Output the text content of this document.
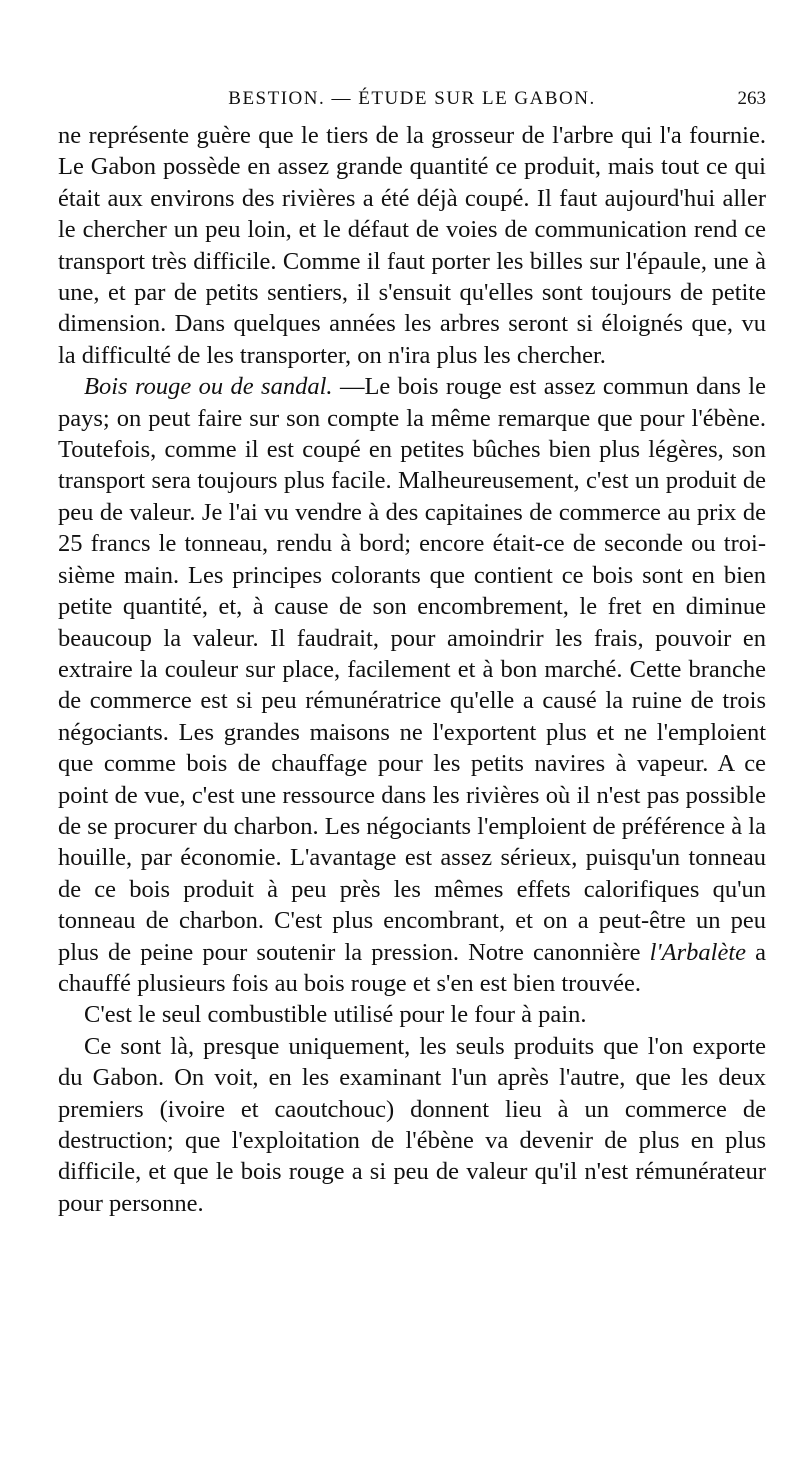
BESTION. — ÉTUDE SUR LE GABON.	263

ne représente guère que le tiers de la grosseur de l'arbre qui l'a fournie. Le Gabon possède en assez grande quantité ce produit, mais tout ce qui était aux environs des rivières a été déjà coupé. Il faut aujourd'hui aller le chercher un peu loin, et le défaut de voies de communication rend ce transport très difficile. Comme il faut porter les billes sur l'épaule, une à une, et par de petits sentiers, il s'ensuit qu'elles sont toujours de petite dimension. Dans quelques années les arbres seront si éloignés que, vu la difficulté de les transporter, on n'ira plus les chercher.

Bois rouge ou de sandal. —Le bois rouge est assez commun dans le pays; on peut faire sur son compte la même remarque que pour l'ébène. Toutefois, comme il est coupé en petites bûches bien plus légères, son transport sera toujours plus facile. Malheureusement, c'est un produit de peu de valeur. Je l'ai vu vendre à des capitaines de commerce au prix de 25 francs le tonneau, rendu à bord; encore était-ce de seconde ou troisième main. Les principes colorants que contient ce bois sont en bien petite quantité, et, à cause de son encombrement, le fret en diminue beaucoup la valeur. Il faudrait, pour amoindrir les frais, pouvoir en extraire la couleur sur place, facilement et à bon marché. Cette branche de commerce est si peu rémunératrice qu'elle a causé la ruine de trois négociants. Les grandes maisons ne l'exportent plus et ne l'emploient que comme bois de chauffage pour les petits navires à vapeur. A ce point de vue, c'est une ressource dans les rivières où il n'est pas possible de se procurer du charbon. Les négociants l'emploient de préférence à la houille, par économie. L'avantage est assez sérieux, puisqu'un tonneau de ce bois produit à peu près les mêmes effets calorifiques qu'un tonneau de charbon. C'est plus encombrant, et on a peut-être un peu plus de peine pour soutenir la pression. Notre canonnière l'Arbalète a chauffé plusieurs fois au bois rouge et s'en est bien trouvée.

C'est le seul combustible utilisé pour le four à pain.

Ce sont là, presque uniquement, les seuls produits que l'on exporte du Gabon. On voit, en les examinant l'un après l'autre, que les deux premiers (ivoire et caoutchouc) donnent lieu à un commerce de destruction; que l'exploitation de l'ébène va devenir de plus en plus difficile, et que le bois rouge a si peu de valeur qu'il n'est rémunérateur pour personne.
